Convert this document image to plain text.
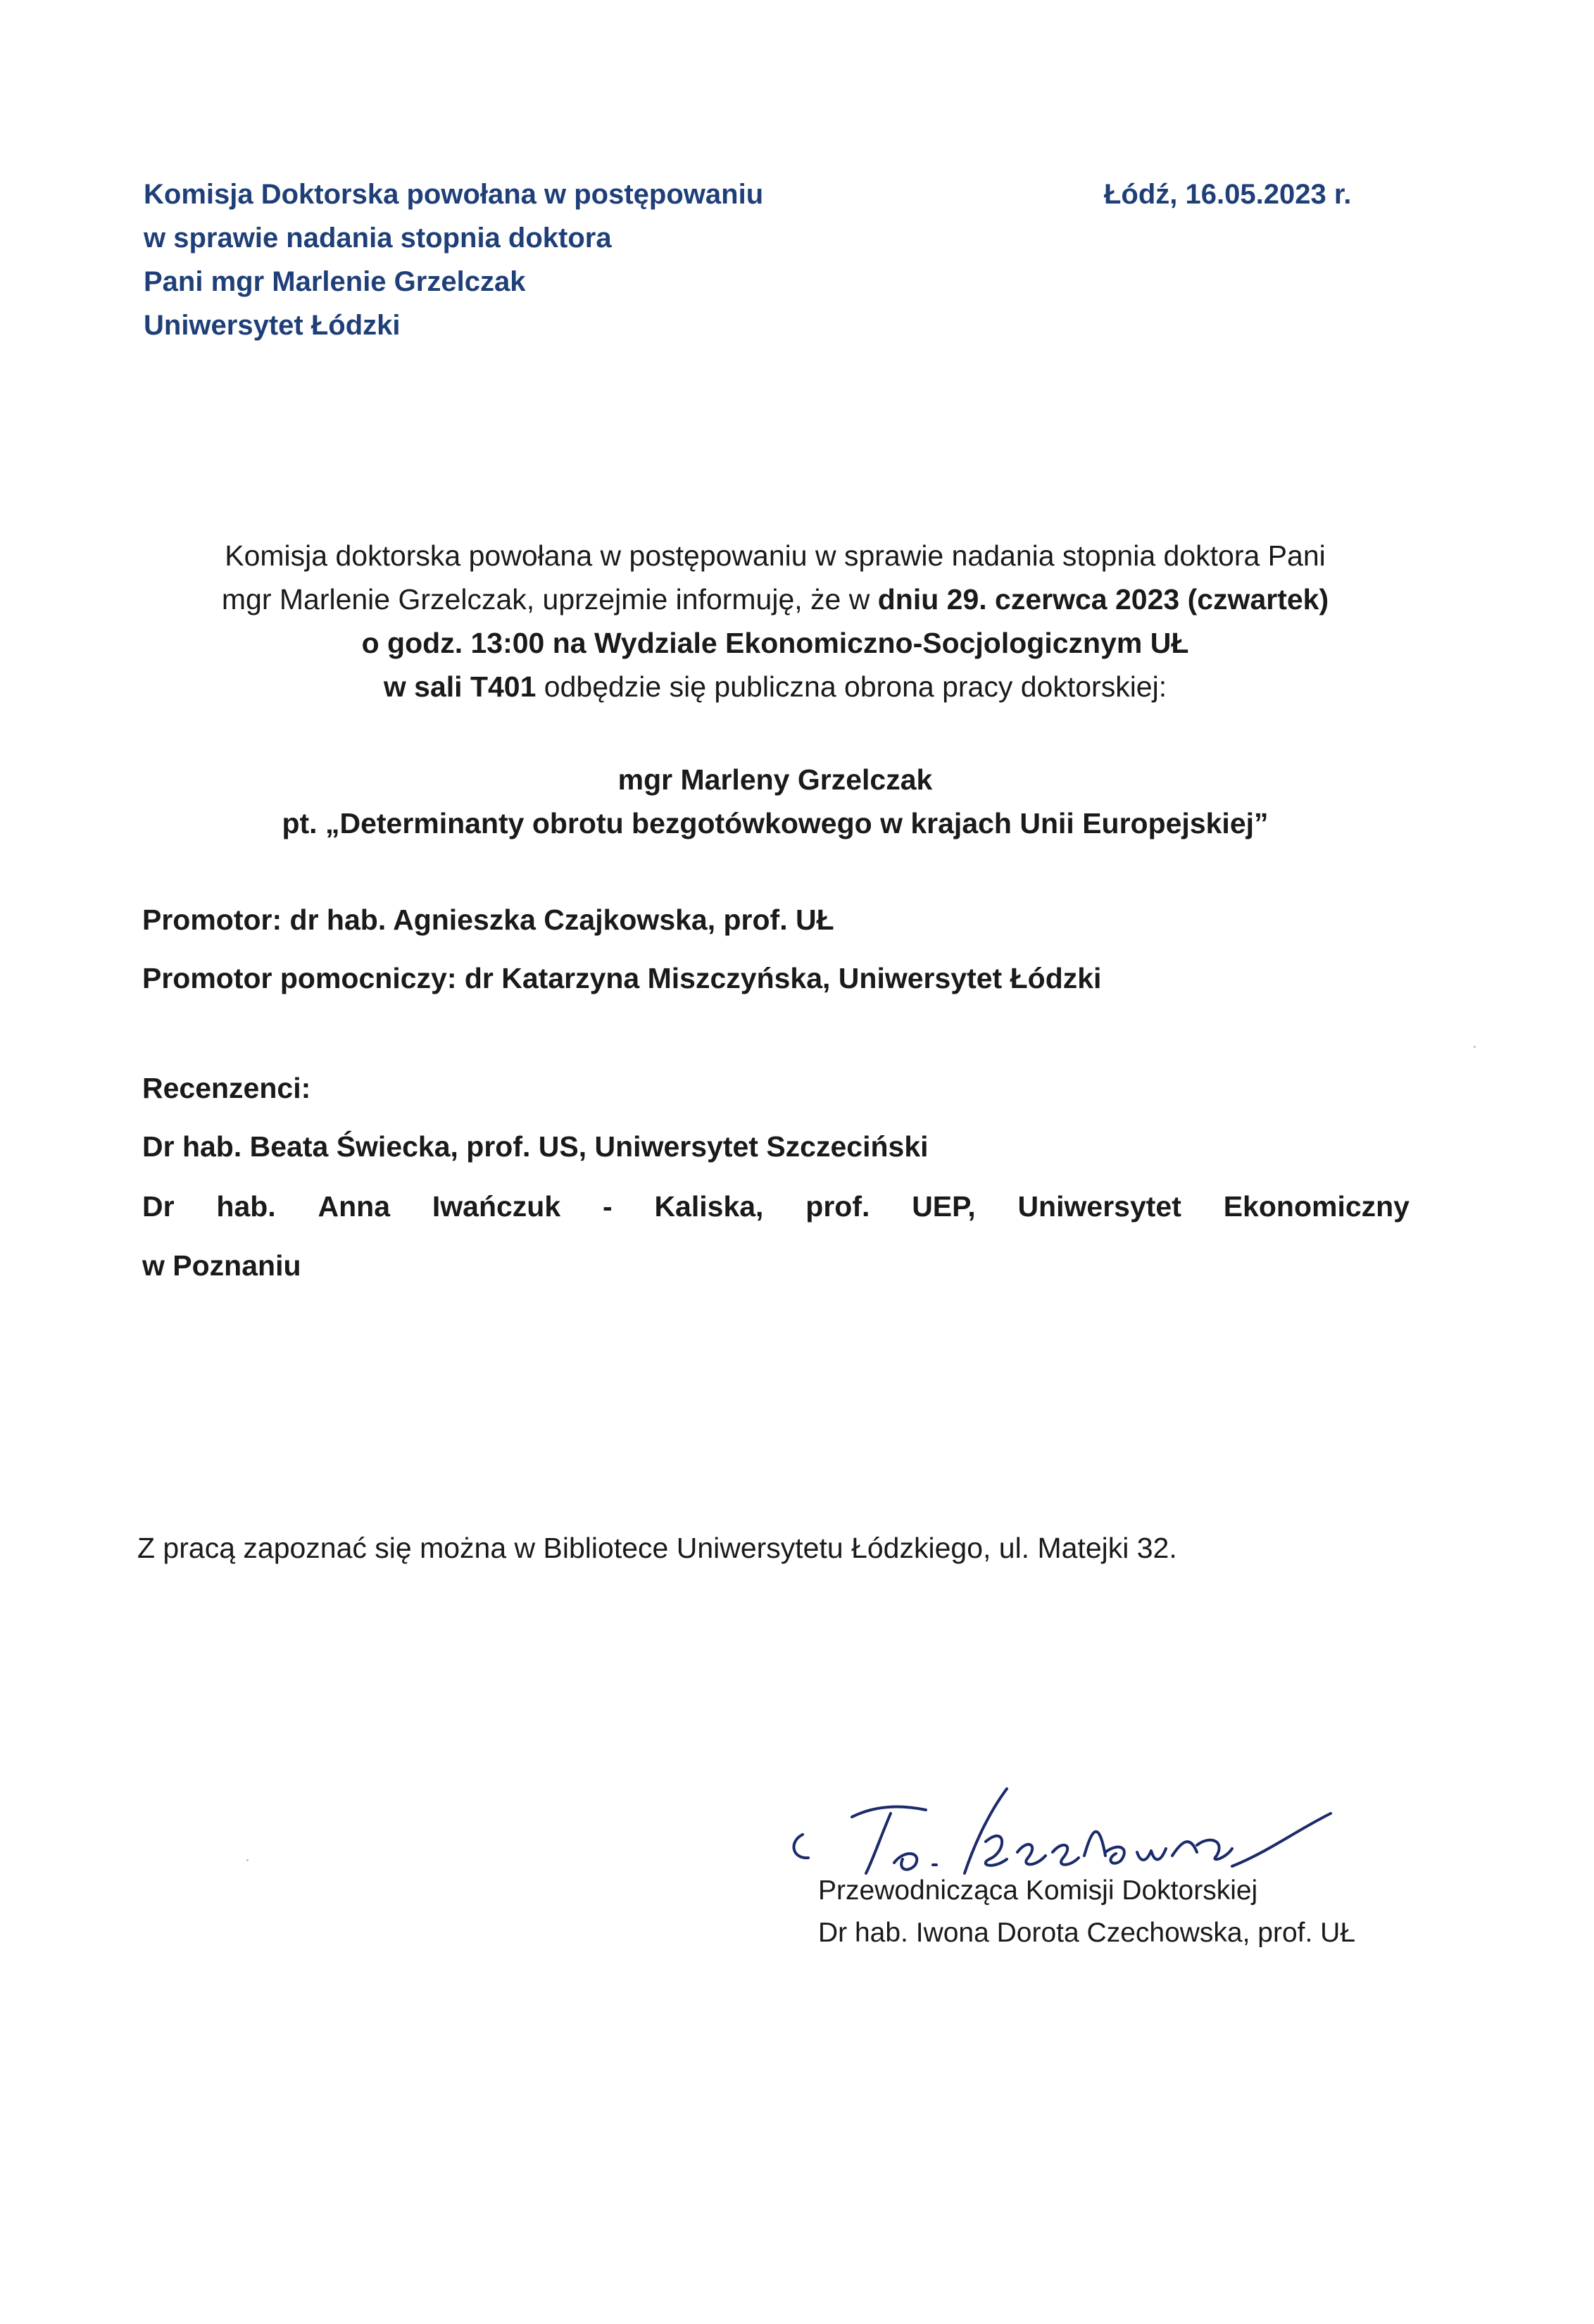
Komisja Doktorska powołana w postępowaniu
w sprawie nadania stopnia doktora
Pani mgr Marlenie Grzelczak
Uniwersytet Łódzki
Łódź, 16.05.2023 r.
Komisja doktorska powołana w postępowaniu w sprawie nadania stopnia doktora Pani
mgr Marlenie Grzelczak, uprzejmie informuję, że w dniu 29. czerwca 2023 (czwartek)
o godz. 13:00 na Wydziale Ekonomiczno-Socjologicznym UŁ
w sali T401 odbędzie się publiczna obrona pracy doktorskiej:
mgr Marleny Grzelczak
pt. „Determinanty obrotu bezgotówkowego w krajach Unii Europejskiej”
Promotor: dr hab. Agnieszka Czajkowska, prof. UŁ
Promotor pomocniczy: dr Katarzyna Miszczyńska, Uniwersytet Łódzki
Recenzenci:
Dr hab. Beata Świecka, prof. US, Uniwersytet Szczeciński
Dr hab. Anna Iwańczuk - Kaliska, prof. UEP, Uniwersytet Ekonomiczny
w Poznaniu
Z pracą zapoznać się można w Bibliotece Uniwersytetu Łódzkiego, ul. Matejki 32.
Przewodnicząca Komisji Doktorskiej
Dr hab. Iwona Dorota Czechowska, prof. UŁ
